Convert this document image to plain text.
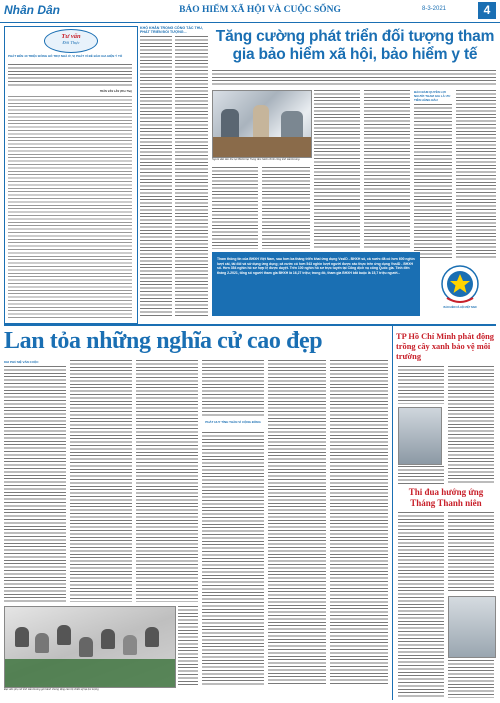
Nhân Dân	BẢO HIỂM XÃ HỘI VÀ CUỘC SỐNG	8-3-2021	4
Tư vấn
Đời Thực
PHÁT ĐẾN 40 TRIỆU ĐỒNG HỖ TRỢ NHÀ Ở, VỊ PHÁT VÌ ĐỂ BÀO GIA HIỆN Ý TỐ
TRẦN VĂN LÂN (Phú Thọ)
KHÓ KHĂN TRONG CÔNG TÁC THU, PHÁT TRIỂN ĐỐI TƯỢNG...	Tăng cường phát triển đối tượng tham gia bảo hiểm xã hội, bảo hiểm y tế
Người dân làm thủ tục BHXH tại Trung tâm hành chính công tỉnh Hải Dương.
BẢO ĐẢM QUYỀN LỢI NGƯỜI THAM GIA LÀ ƯU TIÊN HÀNG ĐẦU
Tham thông tin của BHXH Việt Nam, sau hơn ba tháng triển khai ứng dụng VssID - BHXH số, cả nước đã có hơn 600 nghìn lượt cài, tài đối và sử dụng ứng dụng; cả nước có hơn 543 nghìn lượt người được xác thực trên ứng dụng VssID - BHXH số. Hơn 354 nghìn hồ sơ hợp lệ được duyệt. Trên 100 nghìn hồ sơ trực tuyến tại Cổng dịch vụ công Quốc gia. Tính đến tháng 2-2021, tổng số người tham gia BHXH là 16,27 triệu; trong đó, tham gia BHXH bắt buộc là 15,7 triệu người...
BẢO HIỂM XÃ HỘI VIỆT NAM
Lan tỏa những nghĩa cử cao đẹp
KHI PHỦ MỆ VẤN CUỘC
PHÁT HUY TÍNH THẦN VÌ CỘNG ĐỒNG
Đại viên phụ nữ tỉnh Hải Dương gói bánh chưng tặng cán bộ chiến sỹ tại lực lượng
TP Hồ Chí Minh phát động trồng cây xanh bảo vệ môi trường
Thi đua hướng ứng Tháng Thanh niên
